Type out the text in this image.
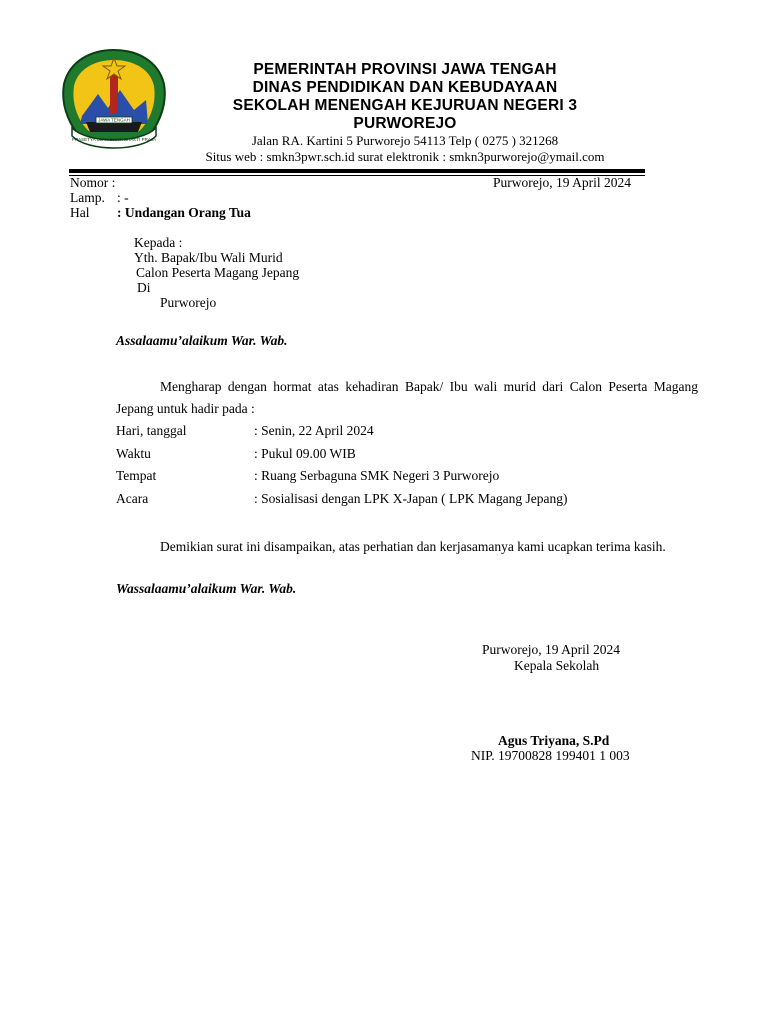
PRASETYA ULAH SAKTI BHAKTI PRAJA
JAWA TENGAH
PEMERINTAH PROVINSI JAWA TENGAH
DINAS PENDIDIKAN DAN KEBUDAYAAN
SEKOLAH MENENGAH KEJURUAN NEGERI 3
PURWOREJO
Jalan RA. Kartini 5 Purworejo 54113 Telp ( 0275 ) 321268
Situs web : smkn3pwr.sch.id surat elektronik : smkn3purworejo@ymail.com
Nomor :	Purworejo, 19 April 2024
Lamp. : -
Hal : Undangan Orang Tua
Kepada :
Yth. Bapak/Ibu Wali Murid
Calon Peserta Magang Jepang
Di
Purworejo
Assalaamu’alaikum War. Wab.
Mengharap dengan hormat atas kehadiran Bapak/ Ibu wali murid dari Calon Peserta Magang Jepang untuk hadir pada :
Hari, tanggal	: Senin, 22 April 2024
Waktu	: Pukul 09.00 WIB
Tempat	: Ruang Serbaguna SMK Negeri 3 Purworejo
Acara	: Sosialisasi dengan LPK X-Japan ( LPK Magang Jepang)
Demikian surat ini disampaikan, atas perhatian dan kerjasamanya kami ucapkan terima kasih.
Wassalaamu’alaikum War. Wab.
Purworejo, 19 April 2024
Kepala Sekolah
Agus Triyana, S.Pd
NIP. 19700828 199401 1 003
